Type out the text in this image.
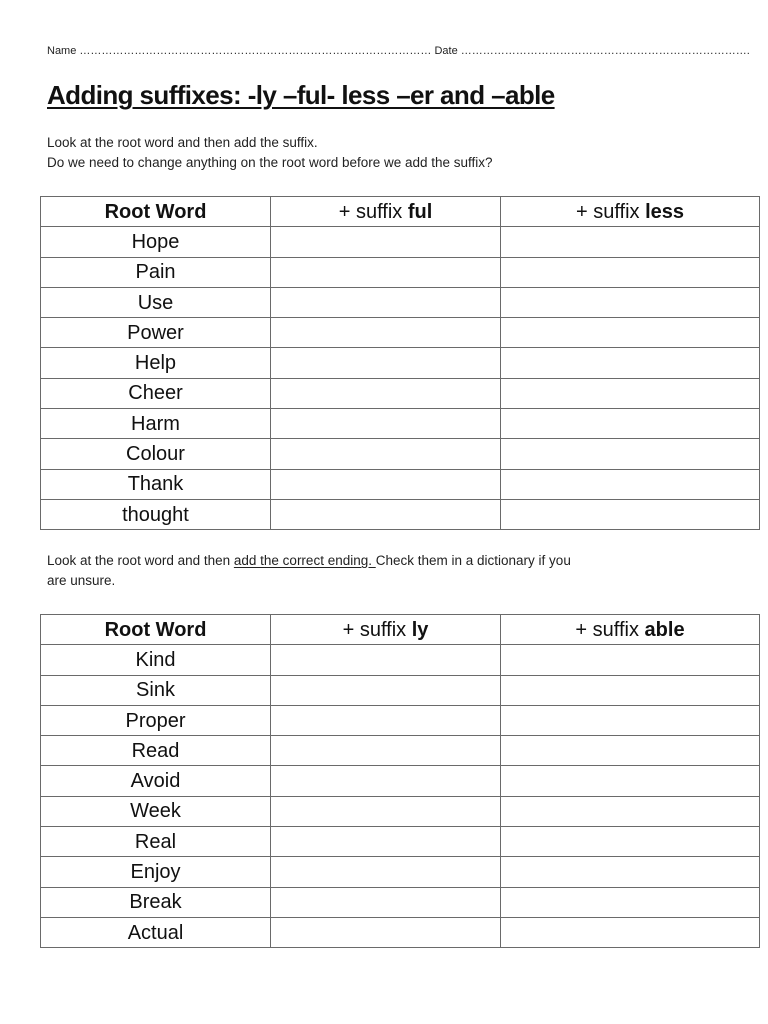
Name …………………………………………………………………………………… Date …………………………………………………………………….
Adding suffixes: -ly –ful- less –er and –able
Look at the root word and then add the suffix.
Do we need to change anything on the root word before we add the suffix?
Root Word	+ suffix ful	+ suffix less
Hope		
Pain		
Use		
Power		
Help		
Cheer		
Harm		
Colour		
Thank		
thought		
Look at the root word and then add the correct ending. Check them in a dictionary if you
are unsure.
Root Word	+ suffix ly	+ suffix able
Kind		
Sink		
Proper		
Read		
Avoid		
Week		
Real		
Enjoy		
Break		
Actual		
